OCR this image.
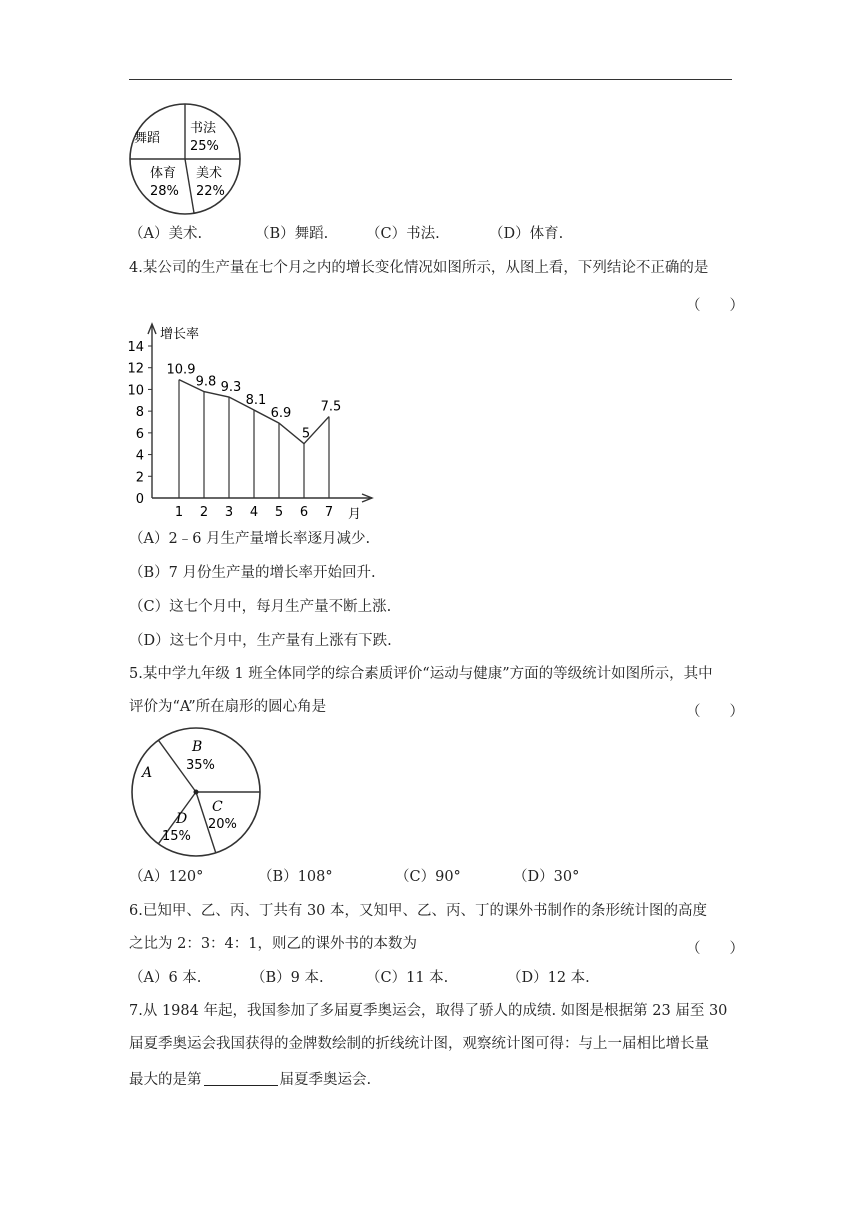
舞蹈
书法
25%
体育
28%
美术
22%
（A）美术.	（B）舞蹈.	（C）书法.	（D）体育.
4.某公司的生产量在七个月之内的增长变化情况如图所示，从图上看，下列结论不正确的是
（　　）
增长率
月
0
2
4
6
8
10
12
14
1 2 3 4 5 6 7
10.9
9.8 9.3
8.1
6.9
5
7.5
（A）2﹣6 月生产量增长率逐月减少.
（B）7 月份生产量的增长率开始回升.
（C）这七个月中，每月生产量不断上涨.
（D）这七个月中，生产量有上涨有下跌.
5.某中学九年级 1 班全体同学的综合素质评价“运动与健康”方面的等级统计如图所示，其中
评价为“A”所在扇形的圆心角是	（　　）
A
B
35%
C
20%
D
15%
（A）120°	（B）108°	（C）90°	（D）30°
6.已知甲、乙、丙、丁共有 30 本，又知甲、乙、丙、丁的课外书制作的条形统计图的高度
之比为 2：3：4：1，则乙的课外书的本数为	（　　）
（A）6 本.	（B）9 本.	（C）11 本.	（D）12 本.
7.从 1984 年起，我国参加了多届夏季奥运会，取得了骄人的成绩. 如图是根据第 23 届至 30
届夏季奥运会我国获得的金牌数绘制的折线统计图，观察统计图可得：与上一届相比增长量
最大的是第	届夏季奥运会.
